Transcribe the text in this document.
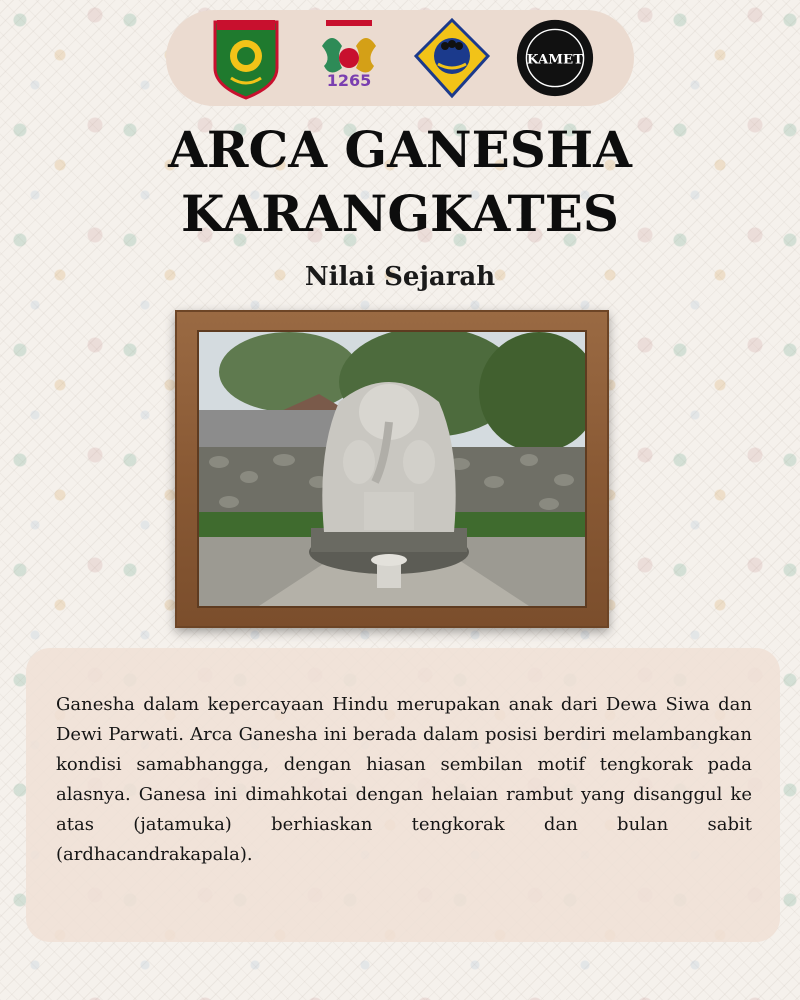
1265
KAMET
ARCA GANESHA
KARANGKATES
Nilai Sejarah

Ganesha dalam kepercayaan Hindu merupakan anak dari Dewa Siwa dan Dewi Parwati. Arca Ganesha ini berada dalam posisi berdiri melambangkan kondisi samabhangga, dengan hiasan sembilan motif tengkorak pada alasnya. Ganesa ini dimahkotai dengan helaian rambut yang disanggul ke atas (jatamuka) berhiaskan tengkorak dan bulan sabit (ardhacandrakapala).
